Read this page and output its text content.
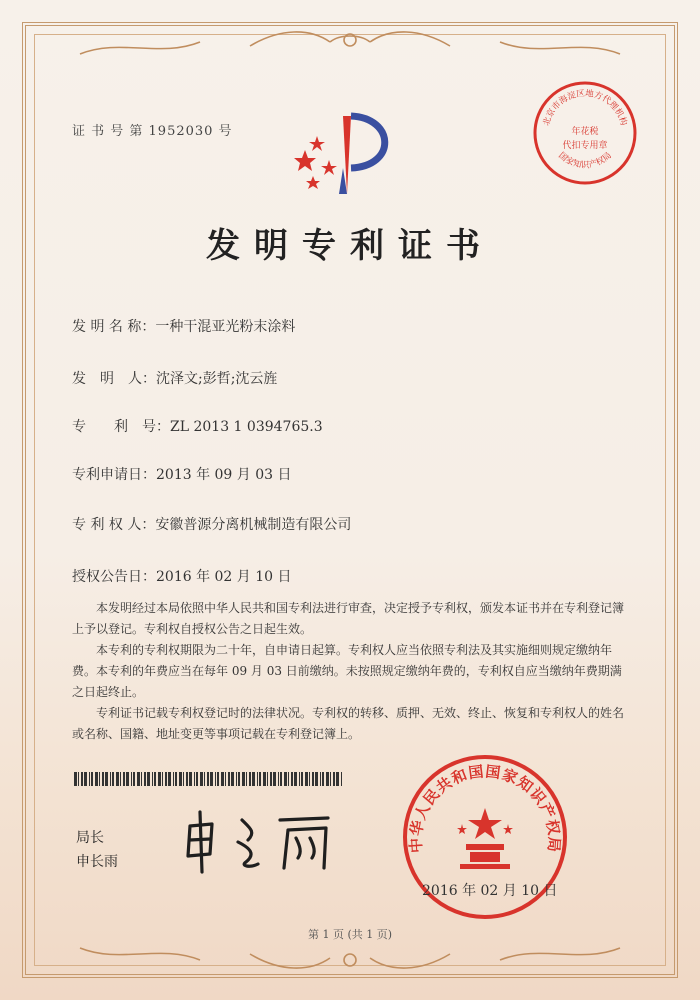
证 书 号 第 1952030 号
北京市海淀区地方代理机构
年花税
代扣专用章
国家知识产权局
发明专利证书
发 明 名 称：一种干混亚光粉末涂料
发　明　人：沈泽文;彭哲;沈云旌
专　　利　号：ZL 2013 1 0394765.3
专利申请日：2013 年 09 月 03 日
专 利 权 人：安徽普源分离机械制造有限公司
授权公告日：2016 年 02 月 10 日

本发明经过本局依照中华人民共和国专利法进行审查，决定授予专利权，颁发本证书并在专利登记簿上予以登记。专利权自授权公告之日起生效。

本专利的专利权期限为二十年，自申请日起算。专利权人应当依照专利法及其实施细则规定缴纳年费。本专利的年费应当在每年 09 月 03 日前缴纳。未按照规定缴纳年费的，专利权自应当缴纳年费期满之日起终止。

专利证书记载专利权登记时的法律状况。专利权的转移、质押、无效、终止、恢复和专利权人的姓名或名称、国籍、地址变更等事项记载在专利登记簿上。

局长
申长雨
中华人民共和国国家知识产权局
2016 年 02 月 10 日
第 1 页 (共 1 页)
